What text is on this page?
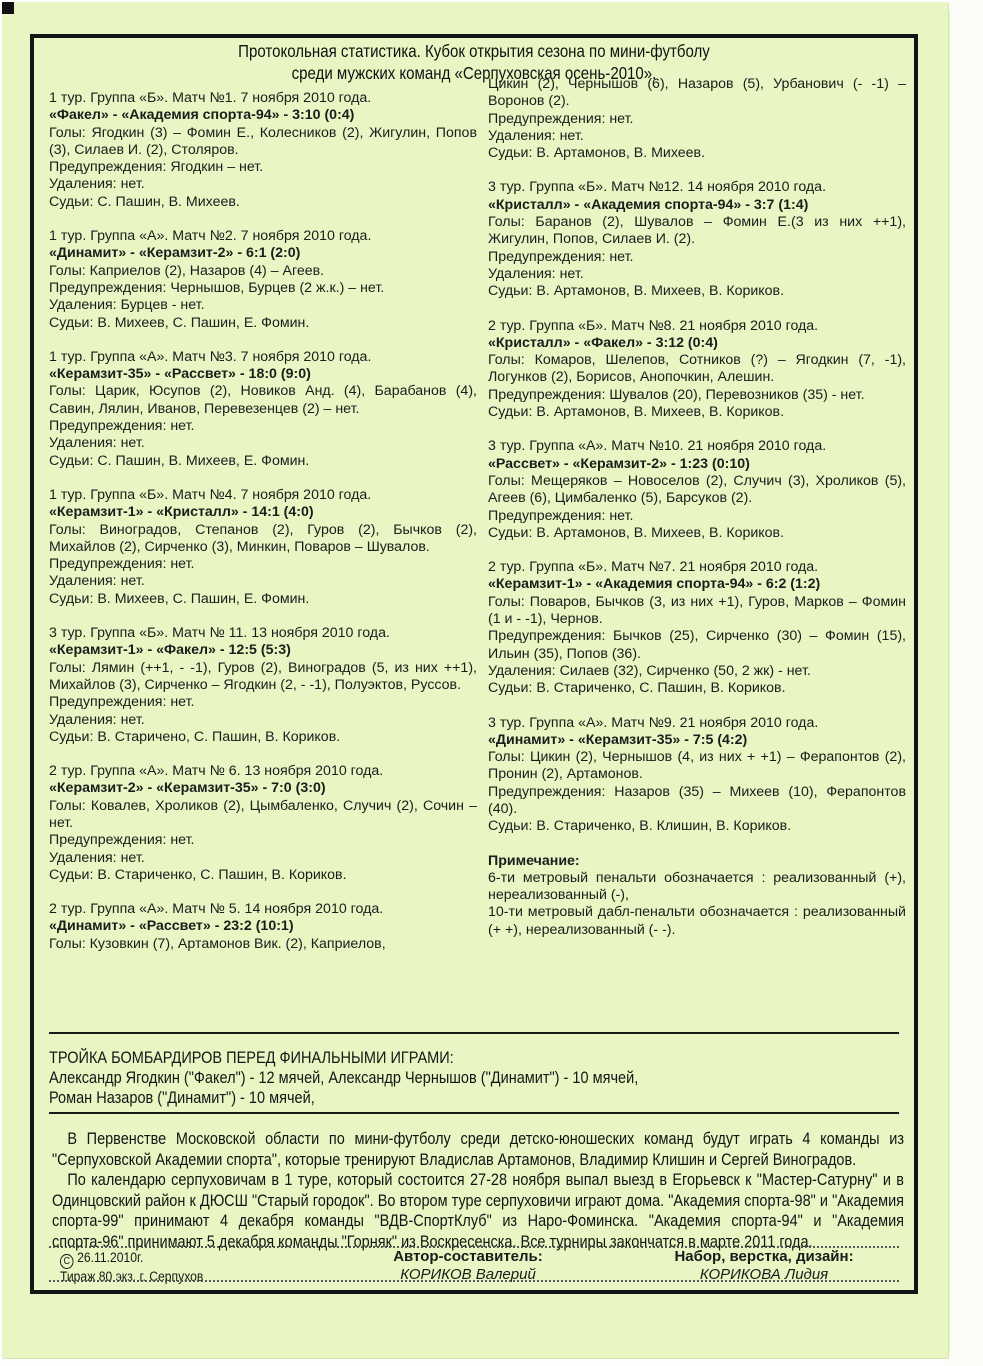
Протокольная статистика. Кубок открытия сезона по мини-футболу
среди мужских команд «Серпуховская осень-2010».
1 тур. Группа «Б». Матч №1. 7 ноября 2010 года.
«Факел» - «Академия спорта-94» - 3:10 (0:4)
Голы: Ягодкин (3) – Фомин Е., Колесников (2), Жигулин, Попов (3), Силаев И. (2), Столяров.
Предупреждения: Ягодкин – нет.
Удаления: нет.
Судьи: С. Пашин, В. Михеев.
1 тур. Группа «А». Матч №2. 7 ноября 2010 года.
«Динамит» - «Керамзит-2» - 6:1 (2:0)
Голы: Каприелов (2), Назаров (4) – Агеев.
Предупреждения: Чернышов, Бурцев (2 ж.к.) – нет.
Удаления: Бурцев - нет.
Судьи: В. Михеев, С. Пашин, Е. Фомин.
1 тур. Группа «А». Матч №3. 7 ноября 2010 года.
«Керамзит-35» - «Рассвет» - 18:0 (9:0)
Голы: Царик, Юсупов (2), Новиков Анд. (4), Барабанов (4), Савин, Лялин, Иванов, Перевезенцев (2) – нет.
Предупреждения: нет.
Удаления: нет.
Судьи: С. Пашин, В. Михеев, Е. Фомин.
1 тур. Группа «Б». Матч №4. 7 ноября 2010 года.
«Керамзит-1» - «Кристалл» - 14:1 (4:0)
Голы: Виноградов, Степанов (2), Гуров (2), Бычков (2), Михайлов (2), Сирченко (3), Минкин, Поваров – Шувалов.
Предупреждения: нет.
Удаления: нет.
Судьи: В. Михеев, С. Пашин, Е. Фомин.
3 тур. Группа «Б». Матч № 11. 13 ноября 2010 года.
«Керамзит-1» - «Факел» - 12:5 (5:3)
Голы: Лямин (++1, - -1), Гуров (2), Виноградов (5, из них ++1), Михайлов (3), Сирченко – Ягодкин (2, - -1), Полуэктов, Руссов.
Предупреждения: нет.
Удаления: нет.
Судьи: В. Старичено, С. Пашин, В. Кориков.
2 тур. Группа «А». Матч № 6. 13 ноября 2010 года.
«Керамзит-2» - «Керамзит-35» - 7:0 (3:0)
Голы: Ковалев, Хроликов (2), Цымбаленко, Случич (2), Сочин – нет.
Предупреждения: нет.
Удаления: нет.
Судьи: В. Стариченко, С. Пашин, В. Кориков.
2 тур. Группа «А». Матч № 5. 14 ноября 2010 года.
«Динамит» - «Рассвет» - 23:2 (10:1)
Голы: Кузовкин (7), Артамонов Вик. (2), Каприелов,
Цикин (2), Чернышов (6), Назаров (5), Урбанович (- -1) – Воронов (2).
Предупреждения: нет.
Удаления: нет.
Судьи: В. Артамонов, В. Михеев.
3 тур. Группа «Б». Матч №12. 14 ноября 2010 года.
«Кристалл» - «Академия спорта-94» - 3:7 (1:4)
Голы: Баранов (2), Шувалов – Фомин Е.(3 из них ++1), Жигулин, Попов, Силаев И. (2).
Предупреждения: нет.
Удаления: нет.
Судьи: В. Артамонов, В. Михеев, В. Кориков.
2 тур. Группа «Б». Матч №8. 21 ноября 2010 года.
«Кристалл» - «Факел» - 3:12 (0:4)
Голы: Комаров, Шелепов, Сотников (?) – Ягодкин (7, -1), Логунков (2), Борисов, Анопочкин, Алешин.
Предупреждения: Шувалов (20), Перевозников (35) - нет.
Судьи: В. Артамонов, В. Михеев, В. Кориков.
3 тур. Группа «А». Матч №10. 21 ноября 2010 года.
«Рассвет» - «Керамзит-2» - 1:23 (0:10)
Голы: Мещеряков – Новоселов (2), Случич (3), Хроликов (5), Агеев (6), Цимбаленко (5), Барсуков (2).
Предупреждения: нет.
Судьи: В. Артамонов, В. Михеев, В. Кориков.
2 тур. Группа «Б». Матч №7. 21 ноября 2010 года.
«Керамзит-1» - «Академия спорта-94» - 6:2 (1:2)
Голы: Поваров, Бычков (3, из них +1), Гуров, Марков – Фомин (1 и - -1), Чернов.
Предупреждения: Бычков (25), Сирченко (30) – Фомин (15), Ильин (35), Попов (36).
Удаления: Силаев (32), Сирченко (50, 2 жк) - нет.
Судьи: В. Стариченко, С. Пашин, В. Кориков.
3 тур. Группа «А». Матч №9. 21 ноября 2010 года.
«Динамит» - «Керамзит-35» - 7:5 (4:2)
Голы: Цикин (2), Чернышов (4, из них + +1) – Ферапонтов (2), Пронин (2), Артамонов.
Предупреждения: Назаров (35) – Михеев (10), Ферапонтов (40).
Судьи: В. Стариченко, В. Клишин, В. Кориков.
Примечание:
6-ти метровый пенальти обозначается : реализованный (+), нереализованный (-),
10-ти метровый дабл-пенальти обозначается : реализованный (+ +), нереализованный (- -).
ТРОЙКА БОМБАРДИРОВ ПЕРЕД ФИНАЛЬНЫМИ ИГРАМИ:
Александр Ягодкин ("Факел") - 12 мячей, Александр Чернышов ("Динамит") - 10 мячей,
Роман Назаров ("Динамит") - 10 мячей,

В Первенстве Московской области по мини-футболу среди детско-юношеских команд будут играть 4 команды из "Серпуховской Академии спорта", которые тренируют Владислав Артамонов, Владимир Клишин и Сергей Виноградов.

По календарю серпуховичам в 1 туре, который состоится 27-28 ноября выпал выезд в Егорьевск к "Мастер-Сатурну" и в Одинцовский район к ДЮСШ "Старый городок". Во втором туре серпуховичи играют дома. "Академия спорта-98" и "Академия спорта-99" принимают 4 декабря команды "ВДВ-СпортКлуб" из Наро-Фоминска. "Академия спорта-94" и "Академия спорта-96" принимают 5 декабря команды "Горняк" из Воскресенска. Все турниры закончатся в марте 2011 года.

C 26.11.2010г.
Тираж 80 экз. г. Серпухов
Автор-составитель:
КОРИКОВ Валерий
Набор, верстка, дизайн:
КОРИКОВА Лидия
